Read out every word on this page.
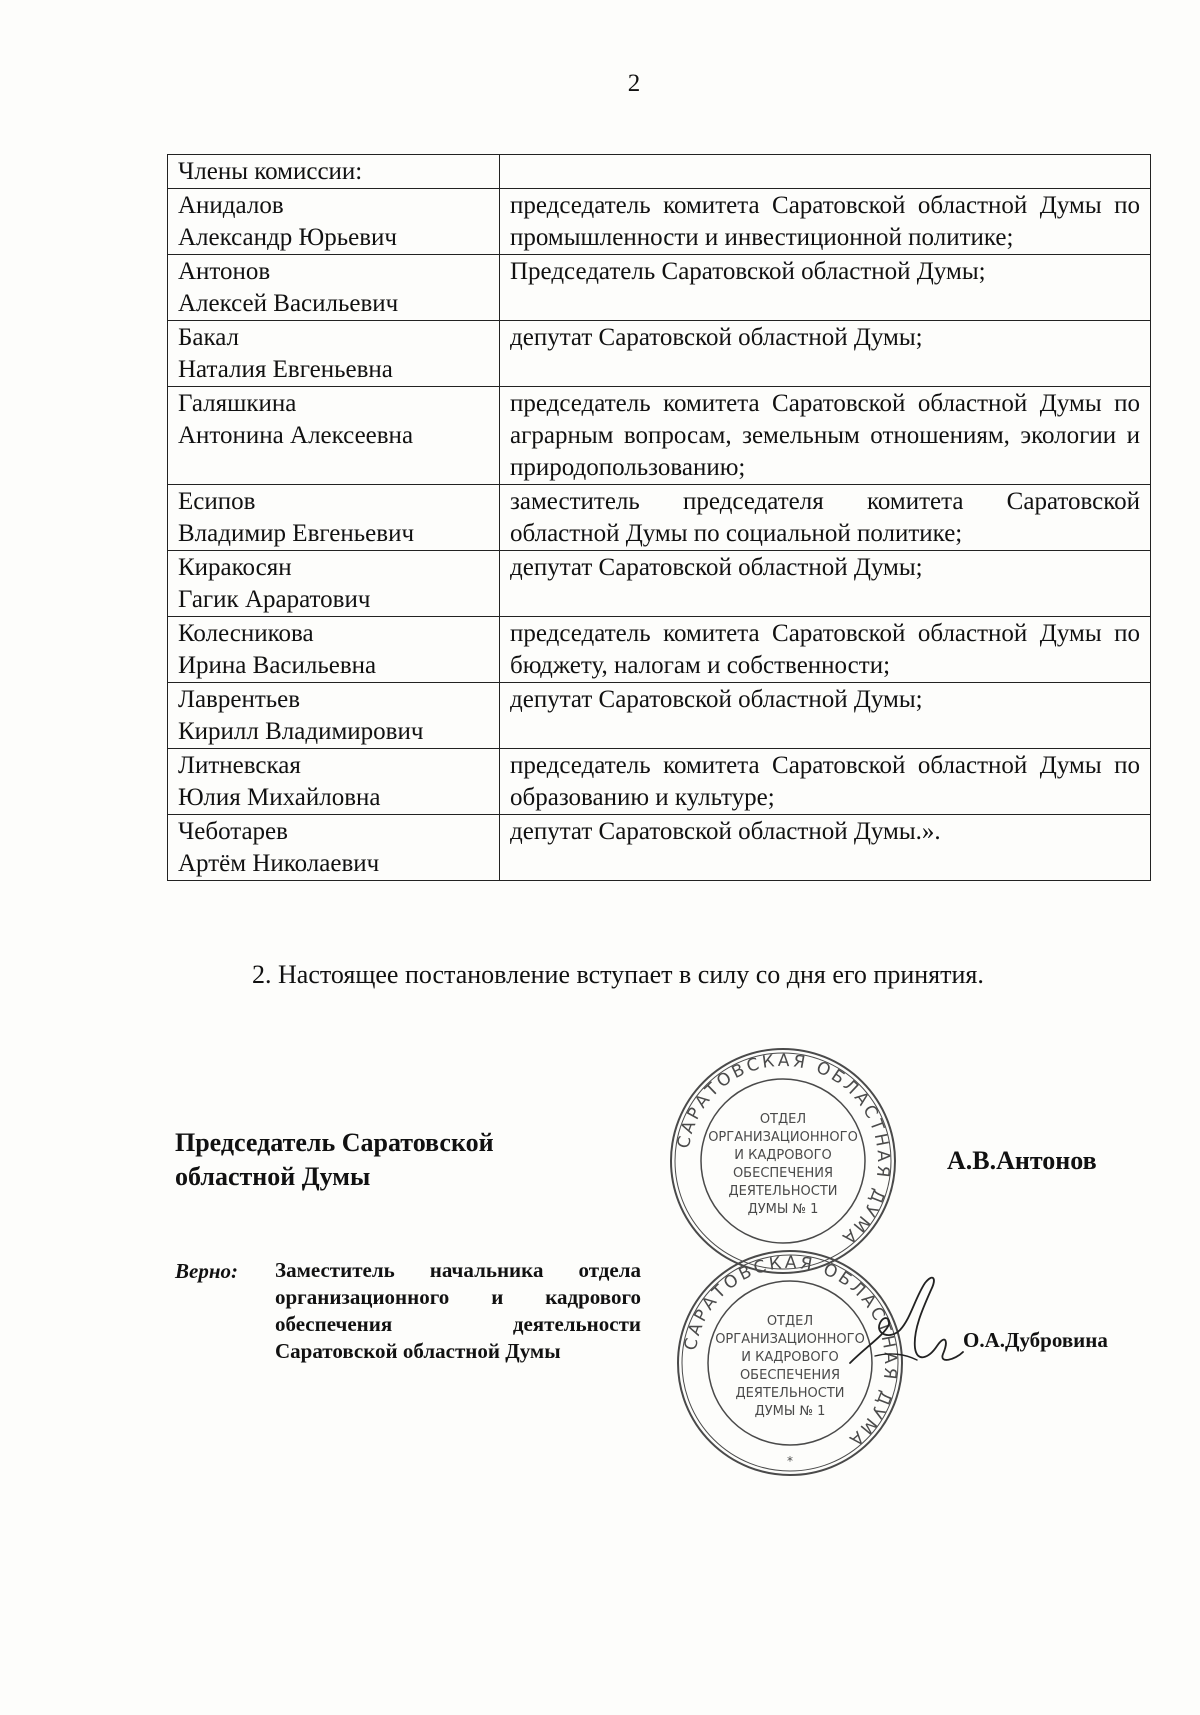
2
Члены комиссии:	

Анидалов
Александр Юрьевич	председатель комитета Саратовской областной Думы по промышленности и инвестиционной политике;

Антонов
Алексей Васильевич	Председатель Саратовской областной Думы;

Бакал
Наталия Евгеньевна	депутат Саратовской областной Думы;

Галяшкина
Антонина Алексеевна	председатель комитета Саратовской областной Думы по аграрным вопросам, земельным отношениям, экологии и природопользованию;

Есипов
Владимир Евгеньевич	заместитель председателя комитета Саратовской областной Думы по социальной политике;

Киракосян
Гагик Араратович	депутат Саратовской областной Думы;

Колесникова
Ирина Васильевна	председатель комитета Саратовской областной Думы по бюджету, налогам и собственности;

Лаврентьев
Кирилл Владимирович	депутат Саратовской областной Думы;

Литневская
Юлия Михайловна	председатель комитета Саратовской областной Думы по образованию и культуре;

Чеботарев
Артём Николаевич	депутат Саратовской областной Думы.».
2. Настоящее постановление вступает в силу со дня его принятия.
Председатель Саратовской
областной Думы
А.В.Антонов
САРАТОВСКАЯ ОБЛАСТНАЯ ДУМА
ОТДЕЛ
ОРГАНИЗАЦИОННОГО
И КАДРОВОГО
ОБЕСПЕЧЕНИЯ
ДЕЯТЕЛЬНОСТИ
ДУМЫ № 1
Верно: Заместитель начальника отдела организационного и кадрового обеспечения деятельности Саратовской областной Думы	САРАТОВСКАЯ ОБЛАСТНАЯ ДУМА
ОТДЕЛ
ОРГАНИЗАЦИОННОГО
И КАДРОВОГО
ОБЕСПЕЧЕНИЯ
ДЕЯТЕЛЬНОСТИ
ДУМЫ № 1
*
О.А.Дубровина
